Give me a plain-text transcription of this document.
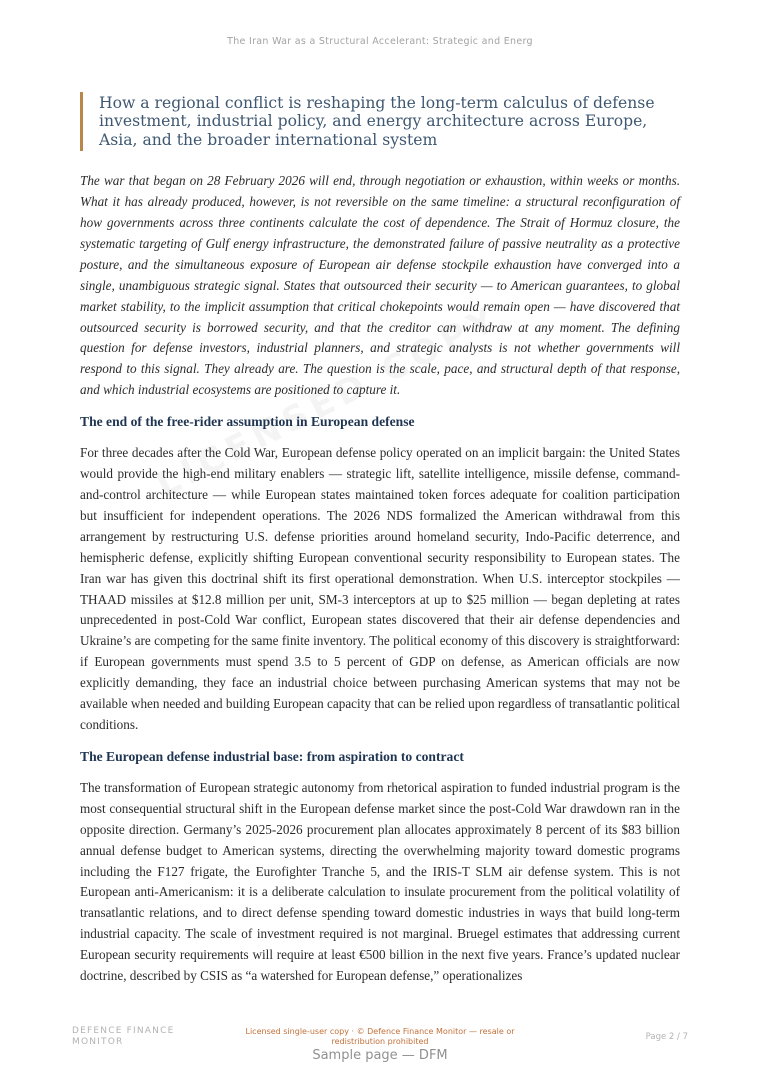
The Iran War as a Structural Accelerant: Strategic and Energ
How a regional conflict is reshaping the long-term calculus of defense investment, industrial policy, and energy architecture across Europe, Asia, and the broader international system

The war that began on 28 February 2026 will end, through negotiation or exhaustion, within weeks or months. What it has already produced, however, is not reversible on the same timeline: a structural reconfiguration of how governments across three continents calculate the cost of dependence. The Strait of Hormuz closure, the systematic targeting of Gulf energy infrastructure, the demonstrated failure of passive neutrality as a protective posture, and the simultaneous exposure of European air defense stockpile exhaustion have converged into a single, unambiguous strategic signal. States that outsourced their security — to American guarantees, to global market stability, to the implicit assumption that critical chokepoints would remain open — have discovered that outsourced security is borrowed security, and that the creditor can withdraw at any moment. The defining question for defense investors, industrial planners, and strategic analysts is not whether governments will respond to this signal. They already are. The question is the scale, pace, and structural depth of that response, and which industrial ecosystems are positioned to capture it.

The end of the free-rider assumption in European defense

For three decades after the Cold War, European defense policy operated on an implicit bargain: the United States would provide the high-end military enablers — strategic lift, satellite intelligence, missile defense, command-and-control architecture — while European states maintained token forces adequate for coalition participation but insufficient for independent operations. The 2026 NDS formalized the American withdrawal from this arrangement by restructuring U.S. defense priorities around homeland security, Indo-Pacific deterrence, and hemispheric defense, explicitly shifting European conventional security responsibility to European states. The Iran war has given this doctrinal shift its first operational demonstration. When U.S. interceptor stockpiles — THAAD missiles at $12.8 million per unit, SM-3 interceptors at up to $25 million — began depleting at rates unprecedented in post-Cold War conflict, European states discovered that their air defense dependencies and Ukraine’s are competing for the same finite inventory. The political economy of this discovery is straightforward: if European governments must spend 3.5 to 5 percent of GDP on defense, as American officials are now explicitly demanding, they face an industrial choice between purchasing American systems that may not be available when needed and building European capacity that can be relied upon regardless of transatlantic political conditions.

The European defense industrial base: from aspiration to contract

The transformation of European strategic autonomy from rhetorical aspiration to funded industrial program is the most consequential structural shift in the European defense market since the post-Cold War drawdown ran in the opposite direction. Germany’s 2025-2026 procurement plan allocates approximately 8 percent of its $83 billion annual defense budget to American systems, directing the overwhelming majority toward domestic programs including the F127 frigate, the Eurofighter Tranche 5, and the IRIS-T SLM air defense system. This is not European anti-Americanism: it is a deliberate calculation to insulate procurement from the political volatility of transatlantic relations, and to direct defense spending toward domestic industries in ways that build long-term industrial capacity. The scale of investment required is not marginal. Bruegel estimates that addressing current European security requirements will require at least €500 billion in the next five years. France’s updated nuclear doctrine, described by CSIS as “a watershed for European defense,” operationalizes

DEFENCE FINANCE
MONITOR
Licensed single-user copy · © Defence Finance Monitor — resale or redistribution prohibited	Page 2 / 7
Sample page — DFM
